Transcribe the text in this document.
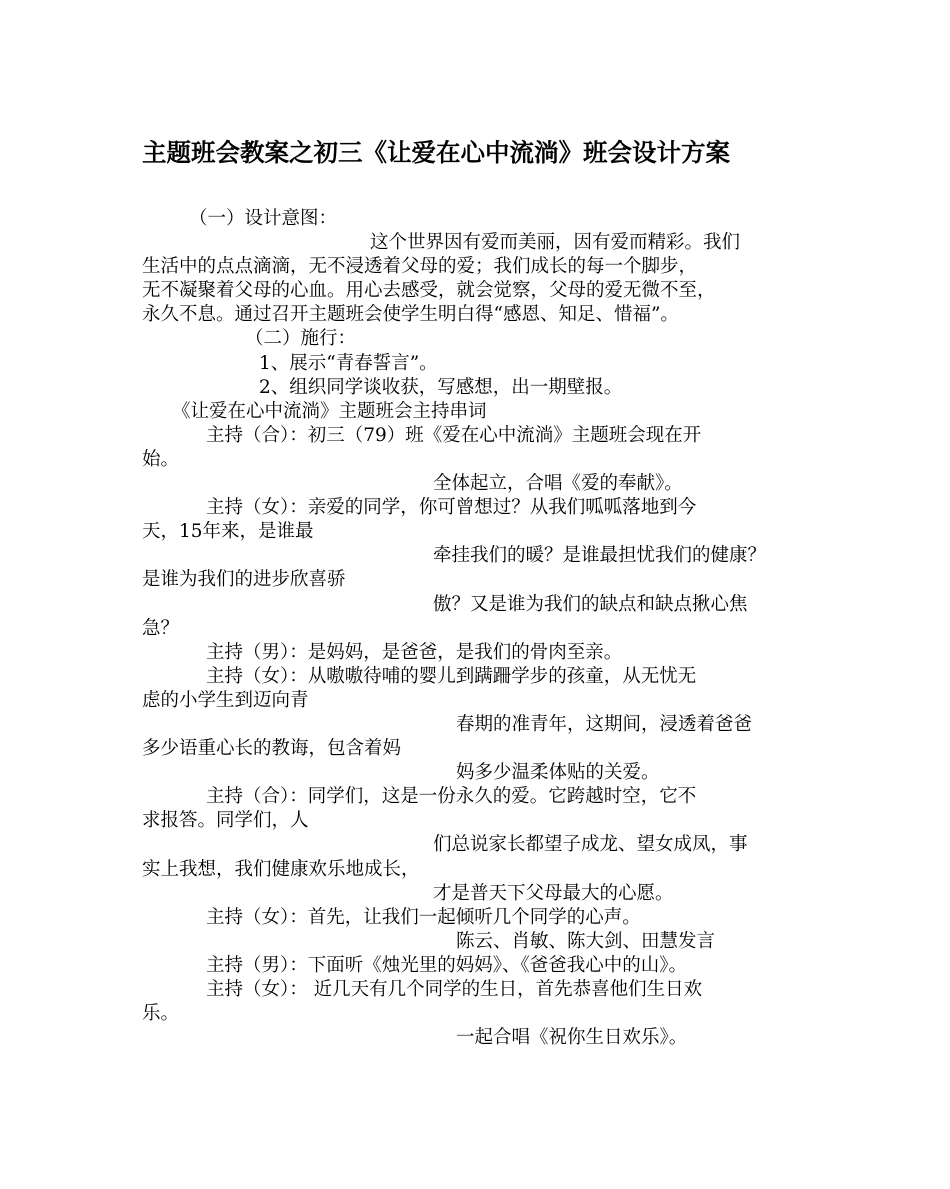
主题班会教案之初三《让爱在心中流淌》班会设计方案
（一）设计意图：
这个世界因有爱而美丽，因有爱而精彩。我们
生活中的点点滴滴，无不浸透着父母的爱；我们成长的每一个脚步，
无不凝聚着父母的心血。用心去感受，就会觉察，父母的爱无微不至，
永久不息。通过召开主题班会使学生明白得“感恩、知足、惜福”。
（二）施行：
1、展示“青春誓言”。
2、组织同学谈收获，写感想，出一期壁报。
《让爱在心中流淌》主题班会主持串词
主持（合）：初三（79）班《爱在心中流淌》主题班会现在开
始。
全体起立，合唱《爱的奉献》。
主持（女）：亲爱的同学，你可曾想过？从我们呱呱落地到今
天，15年来，是谁最
牵挂我们的暖？是谁最担忧我们的健康？
是谁为我们的进步欣喜骄
傲？又是谁为我们的缺点和缺点揪心焦
急？
主持（男）：是妈妈，是爸爸，是我们的骨肉至亲。
主持（女）：从嗷嗷待哺的婴儿到蹒跚学步的孩童，从无忧无
虑的小学生到迈向青
春期的准青年，这期间，浸透着爸爸
多少语重心长的教诲，包含着妈
妈多少温柔体贴的关爱。
主持（合）：同学们，这是一份永久的爱。它跨越时空，它不
求报答。同学们，人
们总说家长都望子成龙、望女成凤，事
实上我想，我们健康欢乐地成长，
才是普天下父母最大的心愿。
主持（女）：首先，让我们一起倾听几个同学的心声。
陈云、肖敏、陈大剑、田慧发言
主持（男）：下面听《烛光里的妈妈》、《爸爸我心中的山》。
主持（女）： 近几天有几个同学的生日，首先恭喜他们生日欢
乐。
一起合唱《祝你生日欢乐》。
